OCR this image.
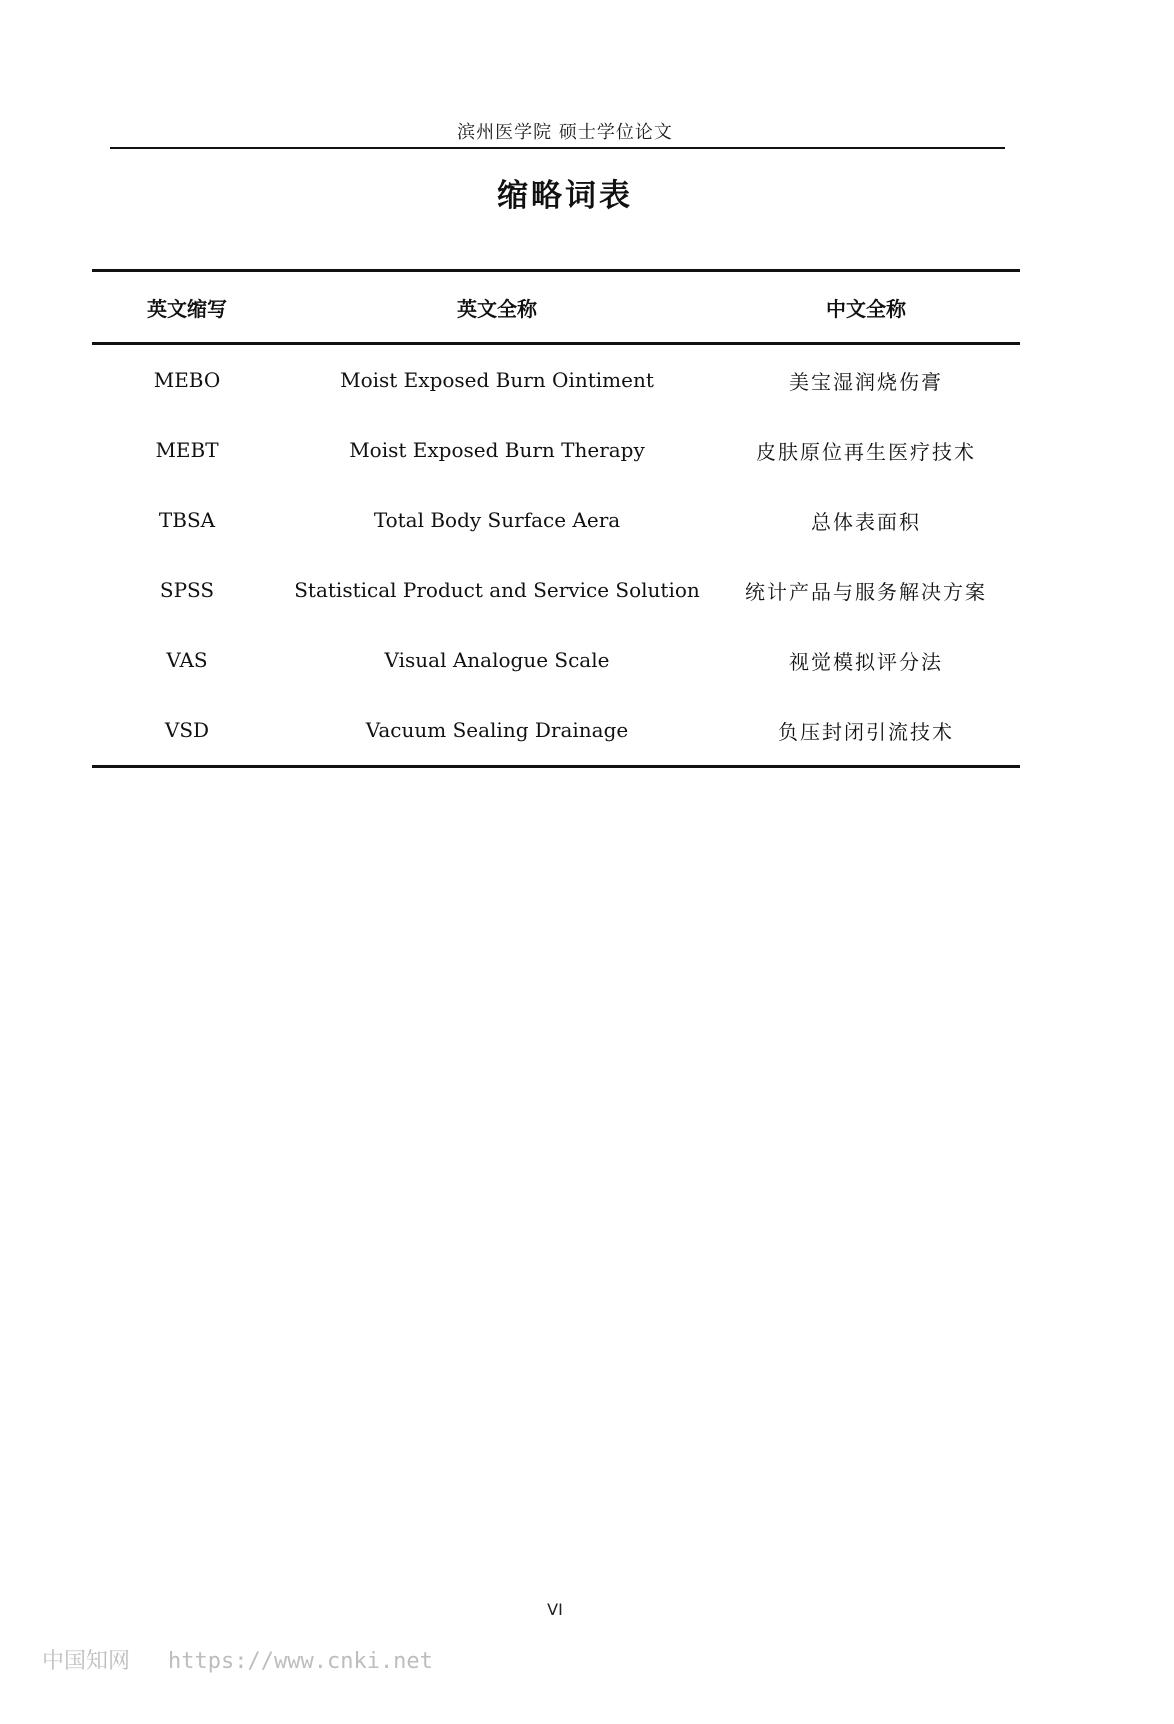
滨州医学院 硕士学位论文
缩略词表
英文缩写	英文全称	中文全称
MEBO	Moist Exposed Burn Ointiment	美宝湿润烧伤膏
MEBT	Moist Exposed Burn Therapy	皮肤原位再生医疗技术
TBSA	Total Body Surface Aera	总体表面积
SPSS	Statistical Product and Service Solution	统计产品与服务解决方案
VAS	Visual Analogue Scale	视觉模拟评分法
VSD	Vacuum Sealing Drainage	负压封闭引流技术
VI
中国知网 https://www.cnki.net
